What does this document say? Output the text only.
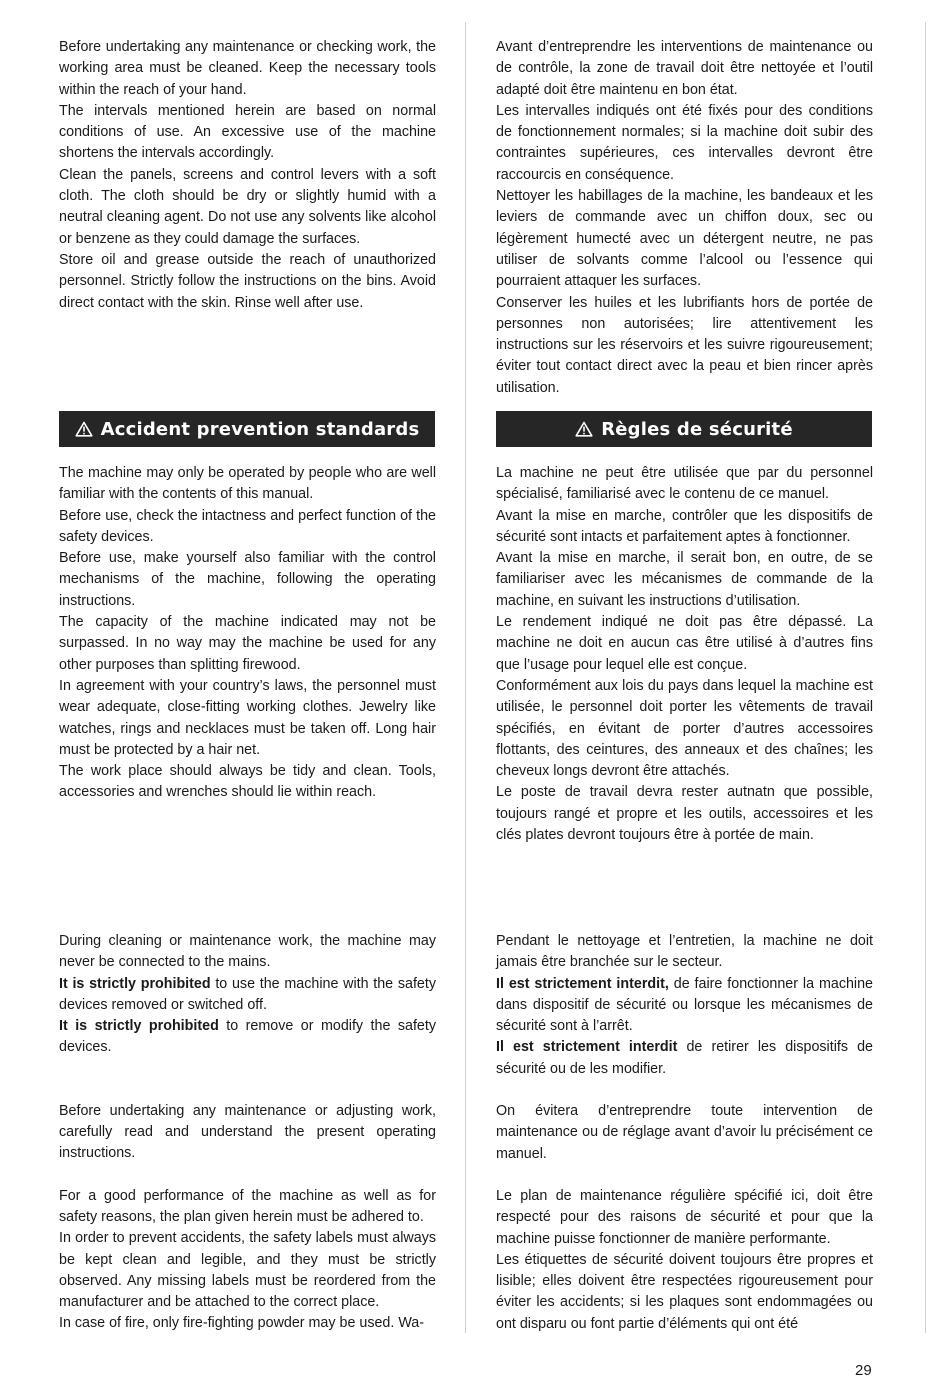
Before undertaking any maintenance or checking work, the working area must be cleaned. Keep the necessary tools within the reach of your hand.

The intervals mentioned herein are based on normal conditions of use. An excessive use of the machine shortens the intervals accordingly.

Clean the panels, screens and control levers with a soft cloth. The cloth should be dry or slightly humid with a neutral cleaning agent. Do not use any solvents like alcohol or benzene as they could damage the surfaces.

Store oil and grease outside the reach of unauthorized personnel. Strictly follow the instructions on the bins. Avoid direct contact with the skin. Rinse well after use.

Accident prevention standards

The machine may only be operated by people who are well familiar with the contents of this manual.

Before use, check the intactness and perfect function of the safety devices.

Before use, make yourself also familiar with the control mechanisms of the machine, following the operating instructions.

The capacity of the machine indicated may not be surpassed. In no way may the machine be used for any other purposes than splitting firewood.

In agreement with your country’s laws, the personnel must wear adequate, close-fitting working clothes. Jewelry like watches, rings and necklaces must be taken off. Long hair must be protected by a hair net.

The work place should always be tidy and clean. Tools, accessories and wrenches should lie within reach.

During cleaning or maintenance work, the machine may never be connected to the mains.

It is strictly prohibited to use the machine with the safety devices removed or switched off.

It is strictly prohibited to remove or modify the safety devices.

Before undertaking any maintenance or adjusting work, carefully read and understand the present operating instructions.

For a good performance of the machine as well as for safety reasons, the plan given herein must be adhered to.

In order to prevent accidents, the safety labels must always be kept clean and legible, and they must be strictly observed. Any missing labels must be reordered from the manufacturer and be attached to the correct place.

In case of fire, only fire-fighting powder may be used. Wa-

Avant d’entreprendre les interventions de maintenance ou de contrôle, la zone de travail doit être nettoyée et l’outil adapté doit être maintenu en bon état.

Les intervalles indiqués ont été fixés pour des conditions de fonctionnement normales; si la machine doit subir des contraintes supérieures, ces intervalles devront être raccourcis en conséquence.

Nettoyer les habillages de la machine, les bandeaux et les leviers de commande avec un chiffon doux, sec ou légèrement humecté avec un détergent neutre, ne pas utiliser de solvants comme l’alcool ou l’essence qui pourraient attaquer les surfaces.

Conserver les huiles et les lubrifiants hors de portée de personnes non autorisées; lire attentivement les instructions sur les réservoirs et les suivre rigoureusement; éviter tout contact direct avec la peau et bien rincer après utilisation.

Règles de sécurité

La machine ne peut être utilisée que par du personnel spécialisé, familiarisé avec le contenu de ce manuel.

Avant la mise en marche, contrôler que les dispositifs de sécurité sont intacts et parfaitement aptes à fonctionner.

Avant la mise en marche, il serait bon, en outre, de se familiariser avec les mécanismes de commande de la machine, en suivant les instructions d’utilisation.

Le rendement indiqué ne doit pas être dépassé. La machine ne doit en aucun cas être utilisé à d’autres fins que l’usage pour lequel elle est conçue.

Conformément aux lois du pays dans lequel la machine est utilisée, le personnel doit porter les vêtements de travail spécifiés, en évitant de porter d’autres accessoires flottants, des ceintures, des anneaux et des chaînes; les cheveux longs devront être attachés.

Le poste de travail devra rester autnatn que possible, toujours rangé et propre et les outils, accessoires et les clés plates devront toujours être à portée de main.

Pendant le nettoyage et l’entretien, la machine ne doit jamais être branchée sur le secteur.

Il est strictement interdit, de faire fonctionner la machine dans dispositif de sécurité ou lorsque les mécanismes de sécurité sont à l’arrêt.

Il est strictement interdit de retirer les dispositifs de sécurité ou de les modifier.

On évitera d’entreprendre toute intervention de maintenance ou de réglage avant d’avoir lu précisément ce manuel.

Le plan de maintenance régulière spécifié ici, doit être respecté pour des raisons de sécurité et pour que la machine puisse fonctionner de manière performante.

Les étiquettes de sécurité doivent toujours être propres et lisible; elles doivent être respectées rigoureusement pour éviter les accidents; si les plaques sont endommagées ou ont disparu ou font partie d’éléments qui ont été

29
